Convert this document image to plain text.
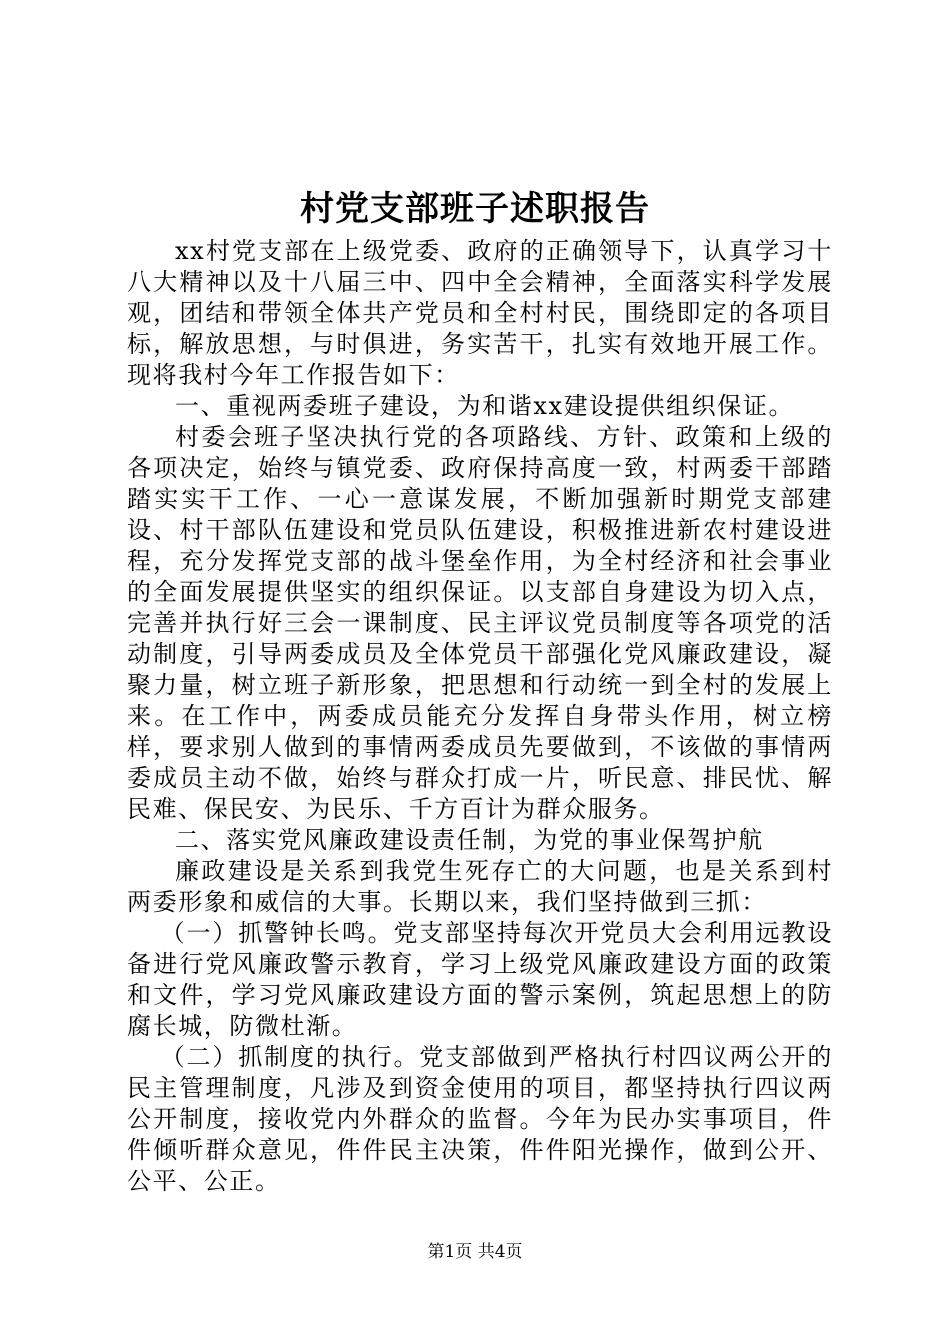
村党支部班子述职报告

xx村党支部在上级党委、政府的正确领导下，认真学习十八大精神以及十八届三中、四中全会精神，全面落实科学发展观，团结和带领全体共产党员和全村村民，围绕即定的各项目标，解放思想，与时俱进，务实苦干，扎实有效地开展工作。现将我村今年工作报告如下：

一、重视两委班子建设，为和谐xx建设提供组织保证。

村委会班子坚决执行党的各项路线、方针、政策和上级的各项决定，始终与镇党委、政府保持高度一致，村两委干部踏踏实实干工作、一心一意谋发展，不断加强新时期党支部建设、村干部队伍建设和党员队伍建设，积极推进新农村建设进程，充分发挥党支部的战斗堡垒作用，为全村经济和社会事业的全面发展提供坚实的组织保证。以支部自身建设为切入点，完善并执行好三会一课制度、民主评议党员制度等各项党的活动制度，引导两委成员及全体党员干部强化党风廉政建设，凝聚力量，树立班子新形象，把思想和行动统一到全村的发展上来。在工作中，两委成员能充分发挥自身带头作用，树立榜样，要求别人做到的事情两委成员先要做到，不该做的事情两委成员主动不做，始终与群众打成一片，听民意、排民忧、解民难、保民安、为民乐、千方百计为群众服务。

二、落实党风廉政建设责任制，为党的事业保驾护航

廉政建设是关系到我党生死存亡的大问题，也是关系到村两委形象和威信的大事。长期以来，我们坚持做到三抓：

（一）抓警钟长鸣。党支部坚持每次开党员大会利用远教设备进行党风廉政警示教育，学习上级党风廉政建设方面的政策和文件，学习党风廉政建设方面的警示案例，筑起思想上的防腐长城，防微杜渐。

（二）抓制度的执行。党支部做到严格执行村四议两公开的民主管理制度，凡涉及到资金使用的项目，都坚持执行四议两公开制度，接收党内外群众的监督。今年为民办实事项目，件件倾听群众意见，件件民主决策，件件阳光操作，做到公开、公平、公正。

第1页 共4页
